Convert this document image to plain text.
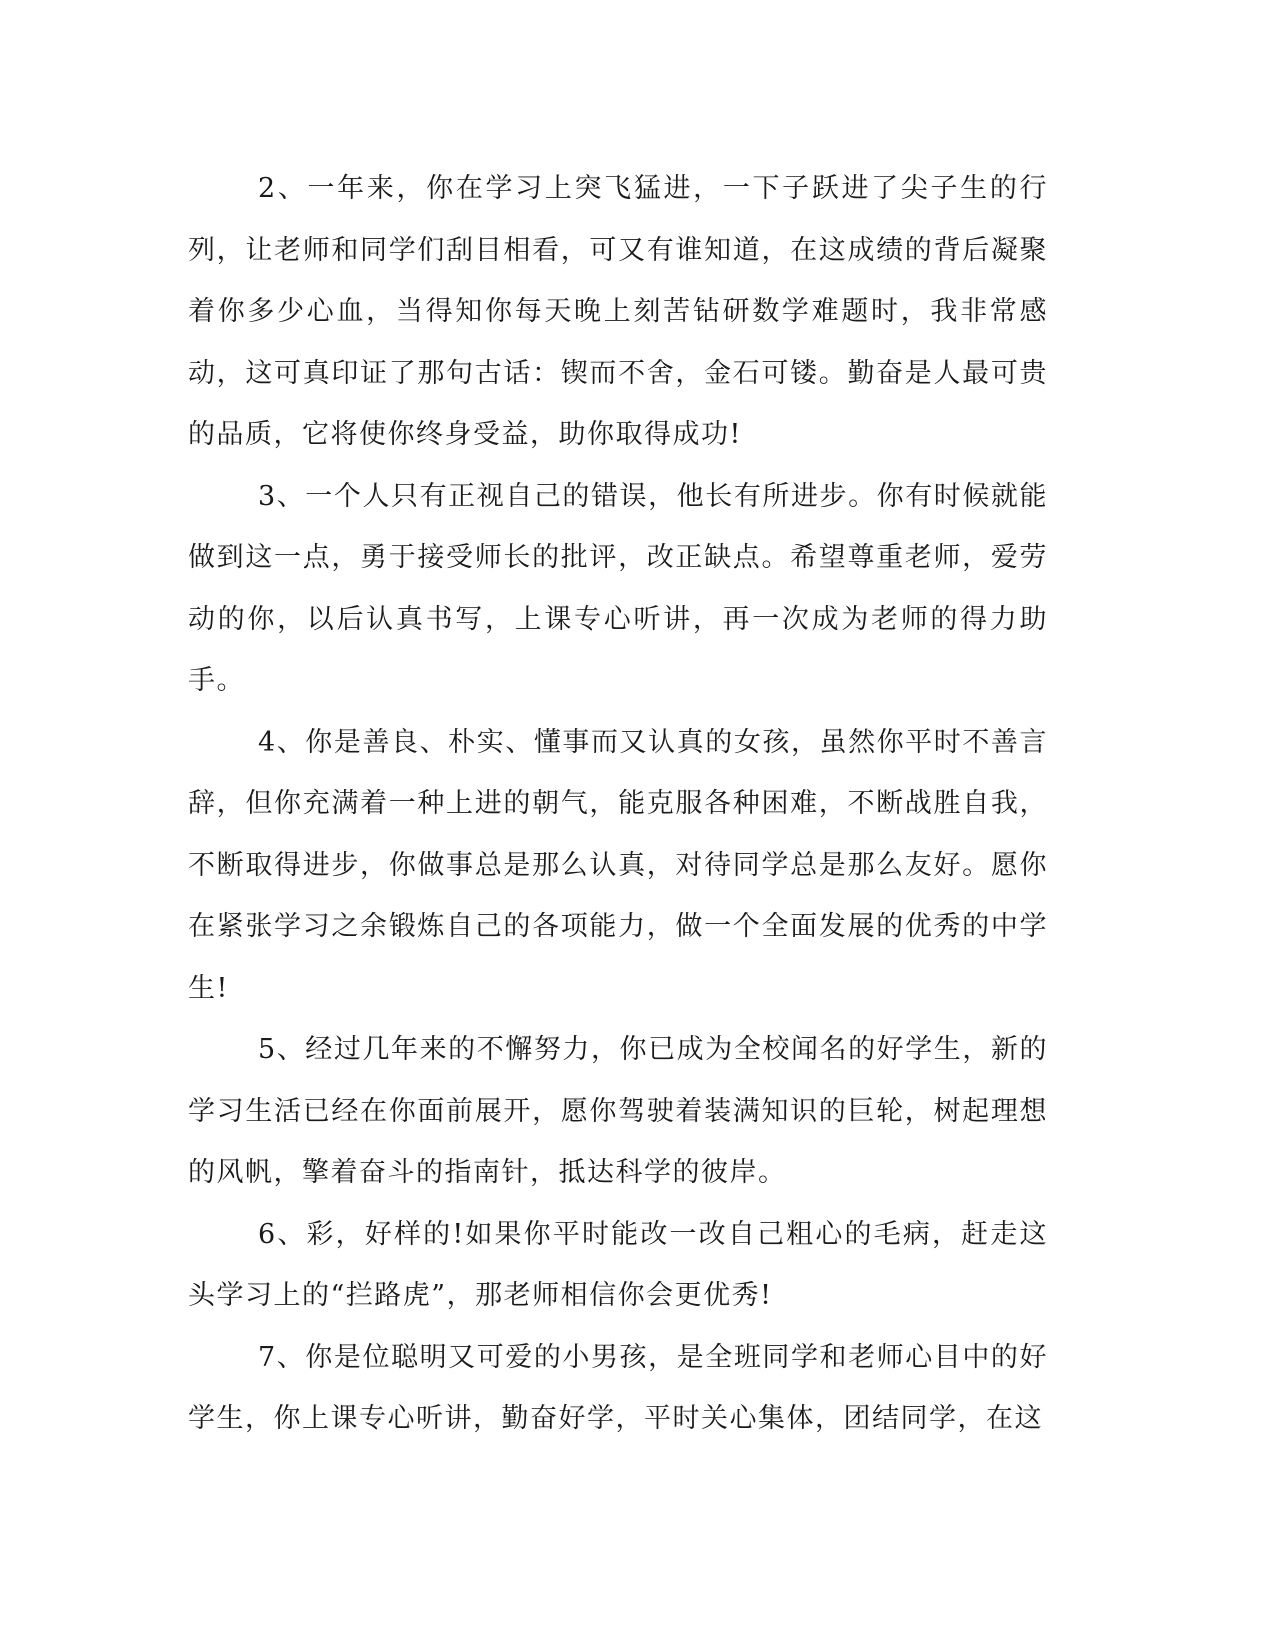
2、一年来，你在学习上突飞猛进，一下子跃进了尖子生的行列，让老师和同学们刮目相看，可又有谁知道，在这成绩的背后凝聚着你多少心血，当得知你每天晚上刻苦钻研数学难题时，我非常感动，这可真印证了那句古话：锲而不舍，金石可镂。勤奋是人最可贵的品质，它将使你终身受益，助你取得成功!

3、一个人只有正视自己的错误，他长有所进步。你有时候就能做到这一点，勇于接受师长的批评，改正缺点。希望尊重老师，爱劳动的你，以后认真书写，上课专心听讲，再一次成为老师的得力助手。

4、你是善良、朴实、懂事而又认真的女孩，虽然你平时不善言辞，但你充满着一种上进的朝气，能克服各种困难，不断战胜自我，不断取得进步，你做事总是那么认真，对待同学总是那么友好。愿你在紧张学习之余锻炼自己的各项能力，做一个全面发展的优秀的中学生!

5、经过几年来的不懈努力，你已成为全校闻名的好学生，新的学习生活已经在你面前展开，愿你驾驶着装满知识的巨轮，树起理想的风帆，擎着奋斗的指南针，抵达科学的彼岸。

6、彩，好样的!如果你平时能改一改自己粗心的毛病，赶走这头学习上的“拦路虎”，那老师相信你会更优秀!

7、你是位聪明又可爱的小男孩，是全班同学和老师心目中的好学生，你上课专心听讲，勤奋好学，平时关心集体，团结同学，在这
